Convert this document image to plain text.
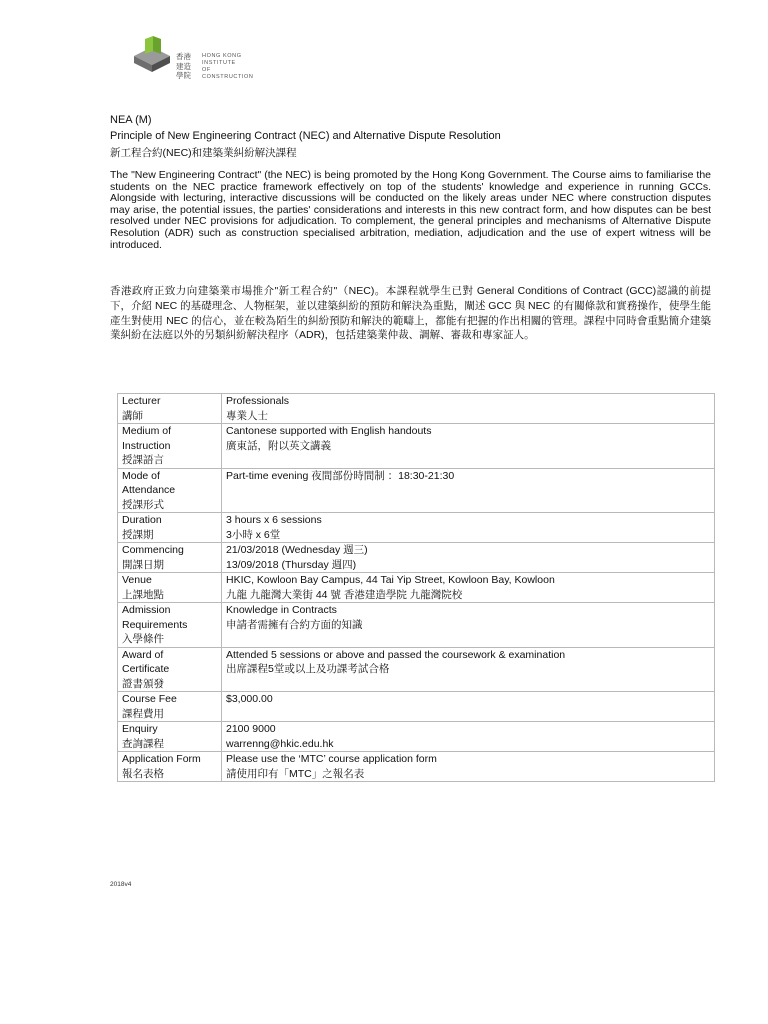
香港
建造
學院
HONG KONG
INSTITUTE
OF
CONSTRUCTION
NEA (M)
Principle of New Engineering Contract (NEC) and Alternative Dispute Resolution
新工程合約(NEC)和建築業糾紛解決課程

The "New Engineering Contract" (the NEC) is being promoted by the Hong Kong Government. The Course aims to familiarise the students on the NEC practice framework effectively on top of the students' knowledge and experience in running GCCs. Alongside with lecturing, interactive discussions will be conducted on the likely areas under NEC where construction disputes may arise, the potential issues, the parties' considerations and interests in this new contract form, and how disputes can be best resolved under NEC provisions for adjudication. To complement, the general principles and mechanisms of Alternative Dispute Resolution (ADR) such as construction specialised arbitration, mediation, adjudication and the use of expert witness will be introduced.

香港政府正致力向建築業市場推介"新工程合約"（NEC)。本課程就學生已對 General Conditions of Contract (GCC)認識的前提下，介紹 NEC 的基礎理念、人物框架，並以建築糾紛的預防和解決為重點，闡述 GCC 與 NEC 的有關條款和實務操作，使學生能產生對使用 NEC 的信心，並在較為陌生的糾紛預防和解決的範疇上，都能有把握的作出相關的管理。課程中同時會重點簡介建築業糾紛在法庭以外的另類糾紛解決程序（ADR)，包括建築業仲裁、調解、審裁和專家証人。

Lecturer
講師	Professionals
專業人士

Medium of
Instruction
授課語言	Cantonese supported with English handouts
廣東話，附以英文講義

Mode of
Attendance
授課形式	Part-time evening 夜間部份時間制 ：18:30-21:30

Duration
授課期	3 hours x 6 sessions
3小時 x 6堂

Commencing
開課日期	21/03/2018 (Wednesday 週三)
13/09/2018 (Thursday 週四)

Venue
上課地點	HKIC, Kowloon Bay Campus, 44 Tai Yip Street, Kowloon Bay, Kowloon
九龍 九龍灣大業街 44 號 香港建造學院 九龍灣院校

Admission
Requirements
入學條件	Knowledge in Contracts
申請者需擁有合約方面的知識

Award of
Certificate
證書頒發	Attended 5 sessions or above and passed the coursework & examination
出席課程5堂或以上及功課考試合格

Course Fee
課程費用	$3,000.00

Enquiry
查詢課程	2100 9000
warrenng@hkic.edu.hk

Application Form
報名表格	Please use the ‘MTC’ course application form
請使用印有「MTC」之報名表
2018v4
